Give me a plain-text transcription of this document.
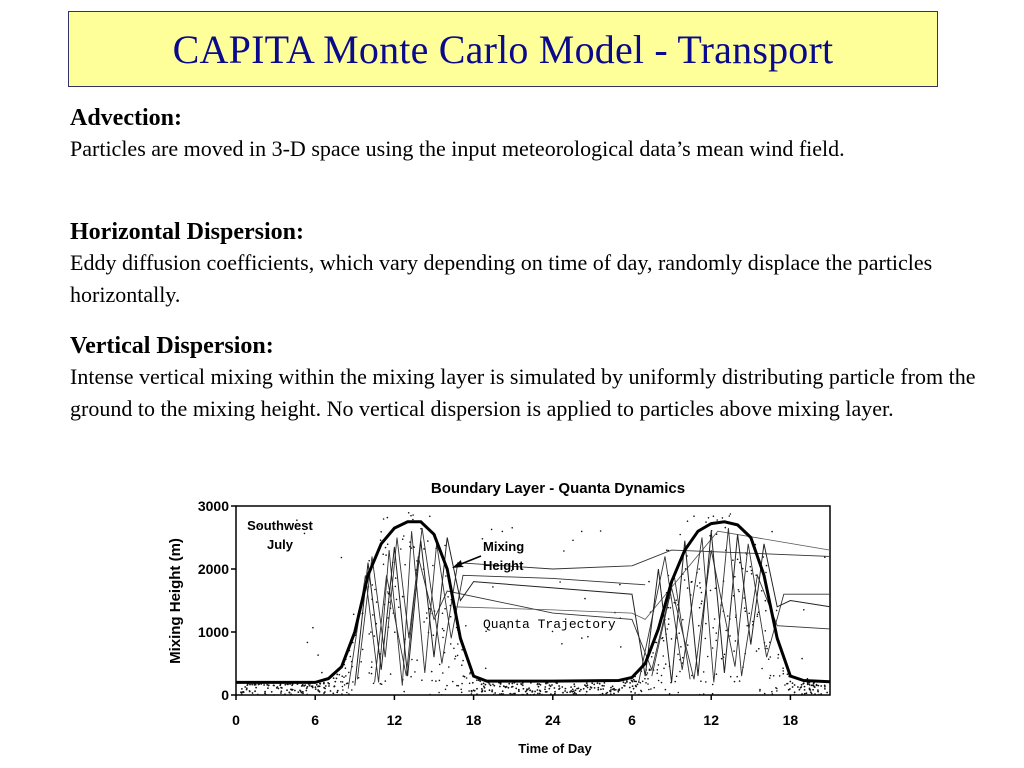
CAPITA Monte Carlo Model - Transport
Advection:

Particles are moved in 3-D space using the input meteorological data’s mean wind field.

Horizontal Dispersion:

Eddy diffusion coefficients, which vary depending on time of day, randomly displace the particles horizontally.

Vertical Dispersion:

Intense vertical mixing within the mixing layer is simulated by uniformly distributing particle from the ground to the mixing height. No vertical dispersion is applied to particles above mixing layer.

Boundary Layer - Quanta Dynamics
Mixing Height (m)
Time of Day
0
1000
2000
3000
0	6	12	18	24	6	12	18
Southwest
July	Mixing
Height
Quanta Trajectory
